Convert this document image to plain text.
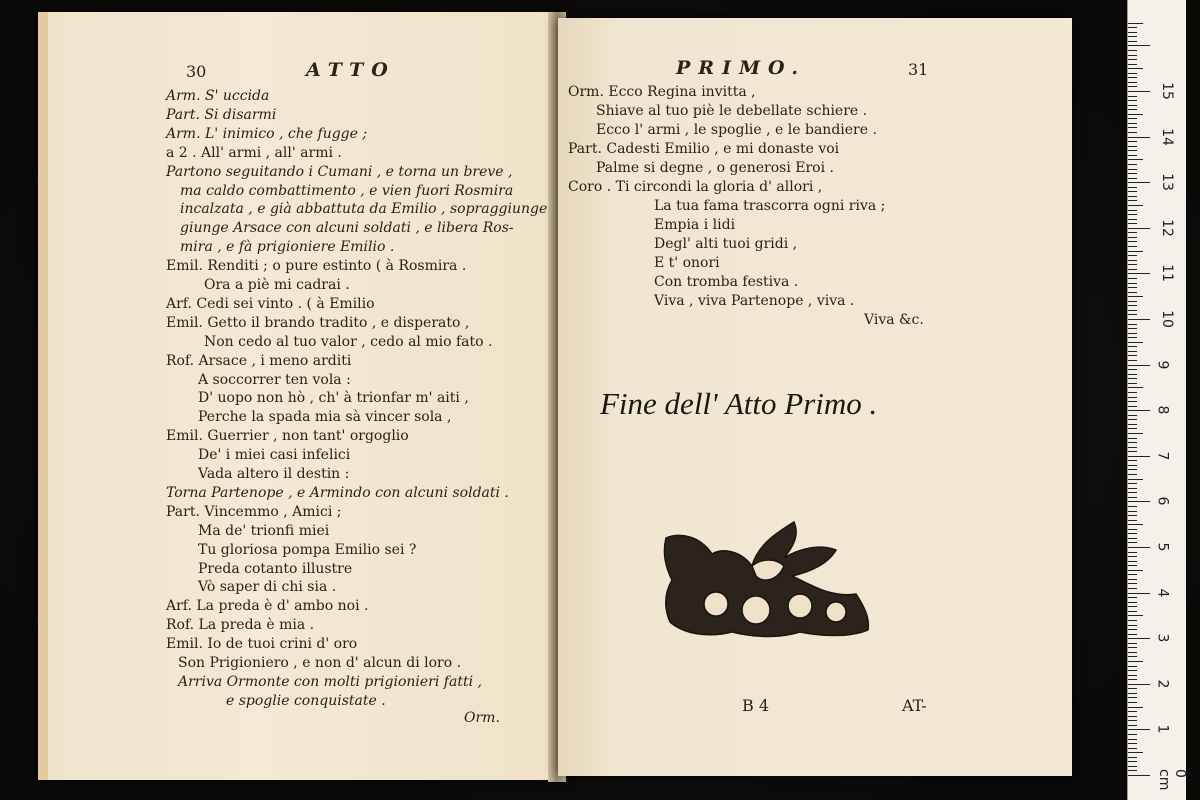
30	ATTO
Arm. S' uccida
Part. Si disarmi
Arm. L' inimico , che fugge ;
a 2 . All' armi , all' armi .
Partono seguitando i Cumani , e torna un breve ,
ma caldo combattimento , e vien fuori Rosmira
incalzata , e già abbattuta da Emilio , sopraggiunge
giunge Arsace con alcuni soldati , e libera Ros-
mira , e fà prigioniere Emilio .
Emil. Renditi ; o pure estinto ( à Rosmira .
Ora a piè mi cadrai .
Arf. Cedi sei vinto . ( à Emilio
Emil. Getto il brando tradito , e disperato ,
Non cedo al tuo valor , cedo al mio fato .
Rof. Arsace , i meno arditi
A soccorrer ten vola :
D' uopo non hò , ch' à trionfar m' aiti ,
Perche la spada mia sà vincer sola ,
Emil. Guerrier , non tant' orgoglio
De' i miei casi infelici
Vada altero il destin :
Torna Partenope , e Armindo con alcuni soldati .
Part. Vincemmo , Amici ;
Ma de' trionfi miei
Tu gloriosa pompa Emilio sei ?
Preda cotanto illustre
Vò saper di chi sia .
Arf. La preda è d' ambo noi .
Rof. La preda è mia .
Emil. Io de tuoi crini d' oro
Son Prigioniero , e non d' alcun di loro .
Arriva Ormonte con molti prigionieri fatti ,
e spoglie conquistate .
Orm.
PRIMO.	31
Orm. Ecco Regina invitta ,
Shiave al tuo piè le debellate schiere .
Ecco l' armi , le spoglie , e le bandiere .
Part. Cadesti Emilio , e mi donaste voi
Palme si degne , o generosi Eroi .
Coro . Ti circondi la gloria d' allori ,
La tua fama trascorra ogni riva ;
Empia i lidi
Degl' alti tuoi gridi ,
E t' onori
Con tromba festiva .
Viva , viva Partenope , viva .
Viva &c.
Fine dell' Atto Primo .
B 4	AT-
0 cm
1
2
3
4
5
6
7
8
9
10
11
12
13
14
15
